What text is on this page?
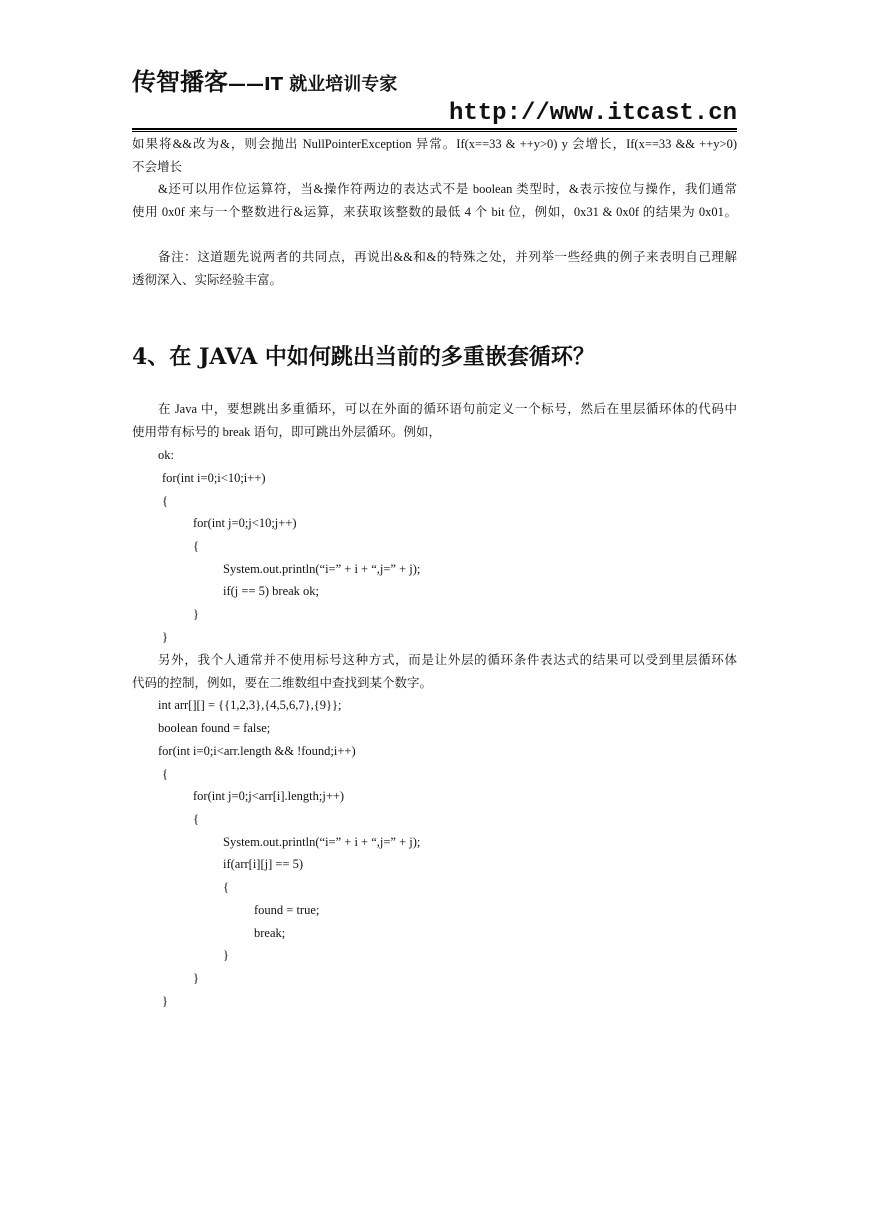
传智播客——IT 就业培训专家
http://www.itcast.cn
如果将&&改为&，则会抛出 NullPointerException 异常。If(x==33 & ++y>0) y 会增长，If(x==33 && ++y>0)
不会增长
&还可以用作位运算符，当&操作符两边的表达式不是 boolean 类型时，&表示按位与操作，我们通常
使用 0x0f 来与一个整数进行&运算，来获取该整数的最低 4 个 bit 位，例如，0x31 & 0x0f 的结果为 0x01。
备注：这道题先说两者的共同点，再说出&&和&的特殊之处，并列举一些经典的例子来表明自己理解
透彻深入、实际经验丰富。
4、在 JAVA 中如何跳出当前的多重嵌套循环？
在 Java 中，要想跳出多重循环，可以在外面的循环语句前定义一个标号，然后在里层循环体的代码中
使用带有标号的 break 语句，即可跳出外层循环。例如，
ok:
for(int i=0;i<10;i++)
{
for(int j=0;j<10;j++)
{
System.out.println(“i=” + i + “,j=” + j);
if(j == 5) break ok;
}
}
另外，我个人通常并不使用标号这种方式，而是让外层的循环条件表达式的结果可以受到里层循环体
代码的控制，例如，要在二维数组中查找到某个数字。
int arr[][] = {{1,2,3},{4,5,6,7},{9}};
boolean found = false;
for(int i=0;i<arr.length && !found;i++)
{
for(int j=0;j<arr[i].length;j++)
{
System.out.println(“i=” + i + “,j=” + j);
if(arr[i][j] == 5)
{
found = true;
break;
}
}
}
